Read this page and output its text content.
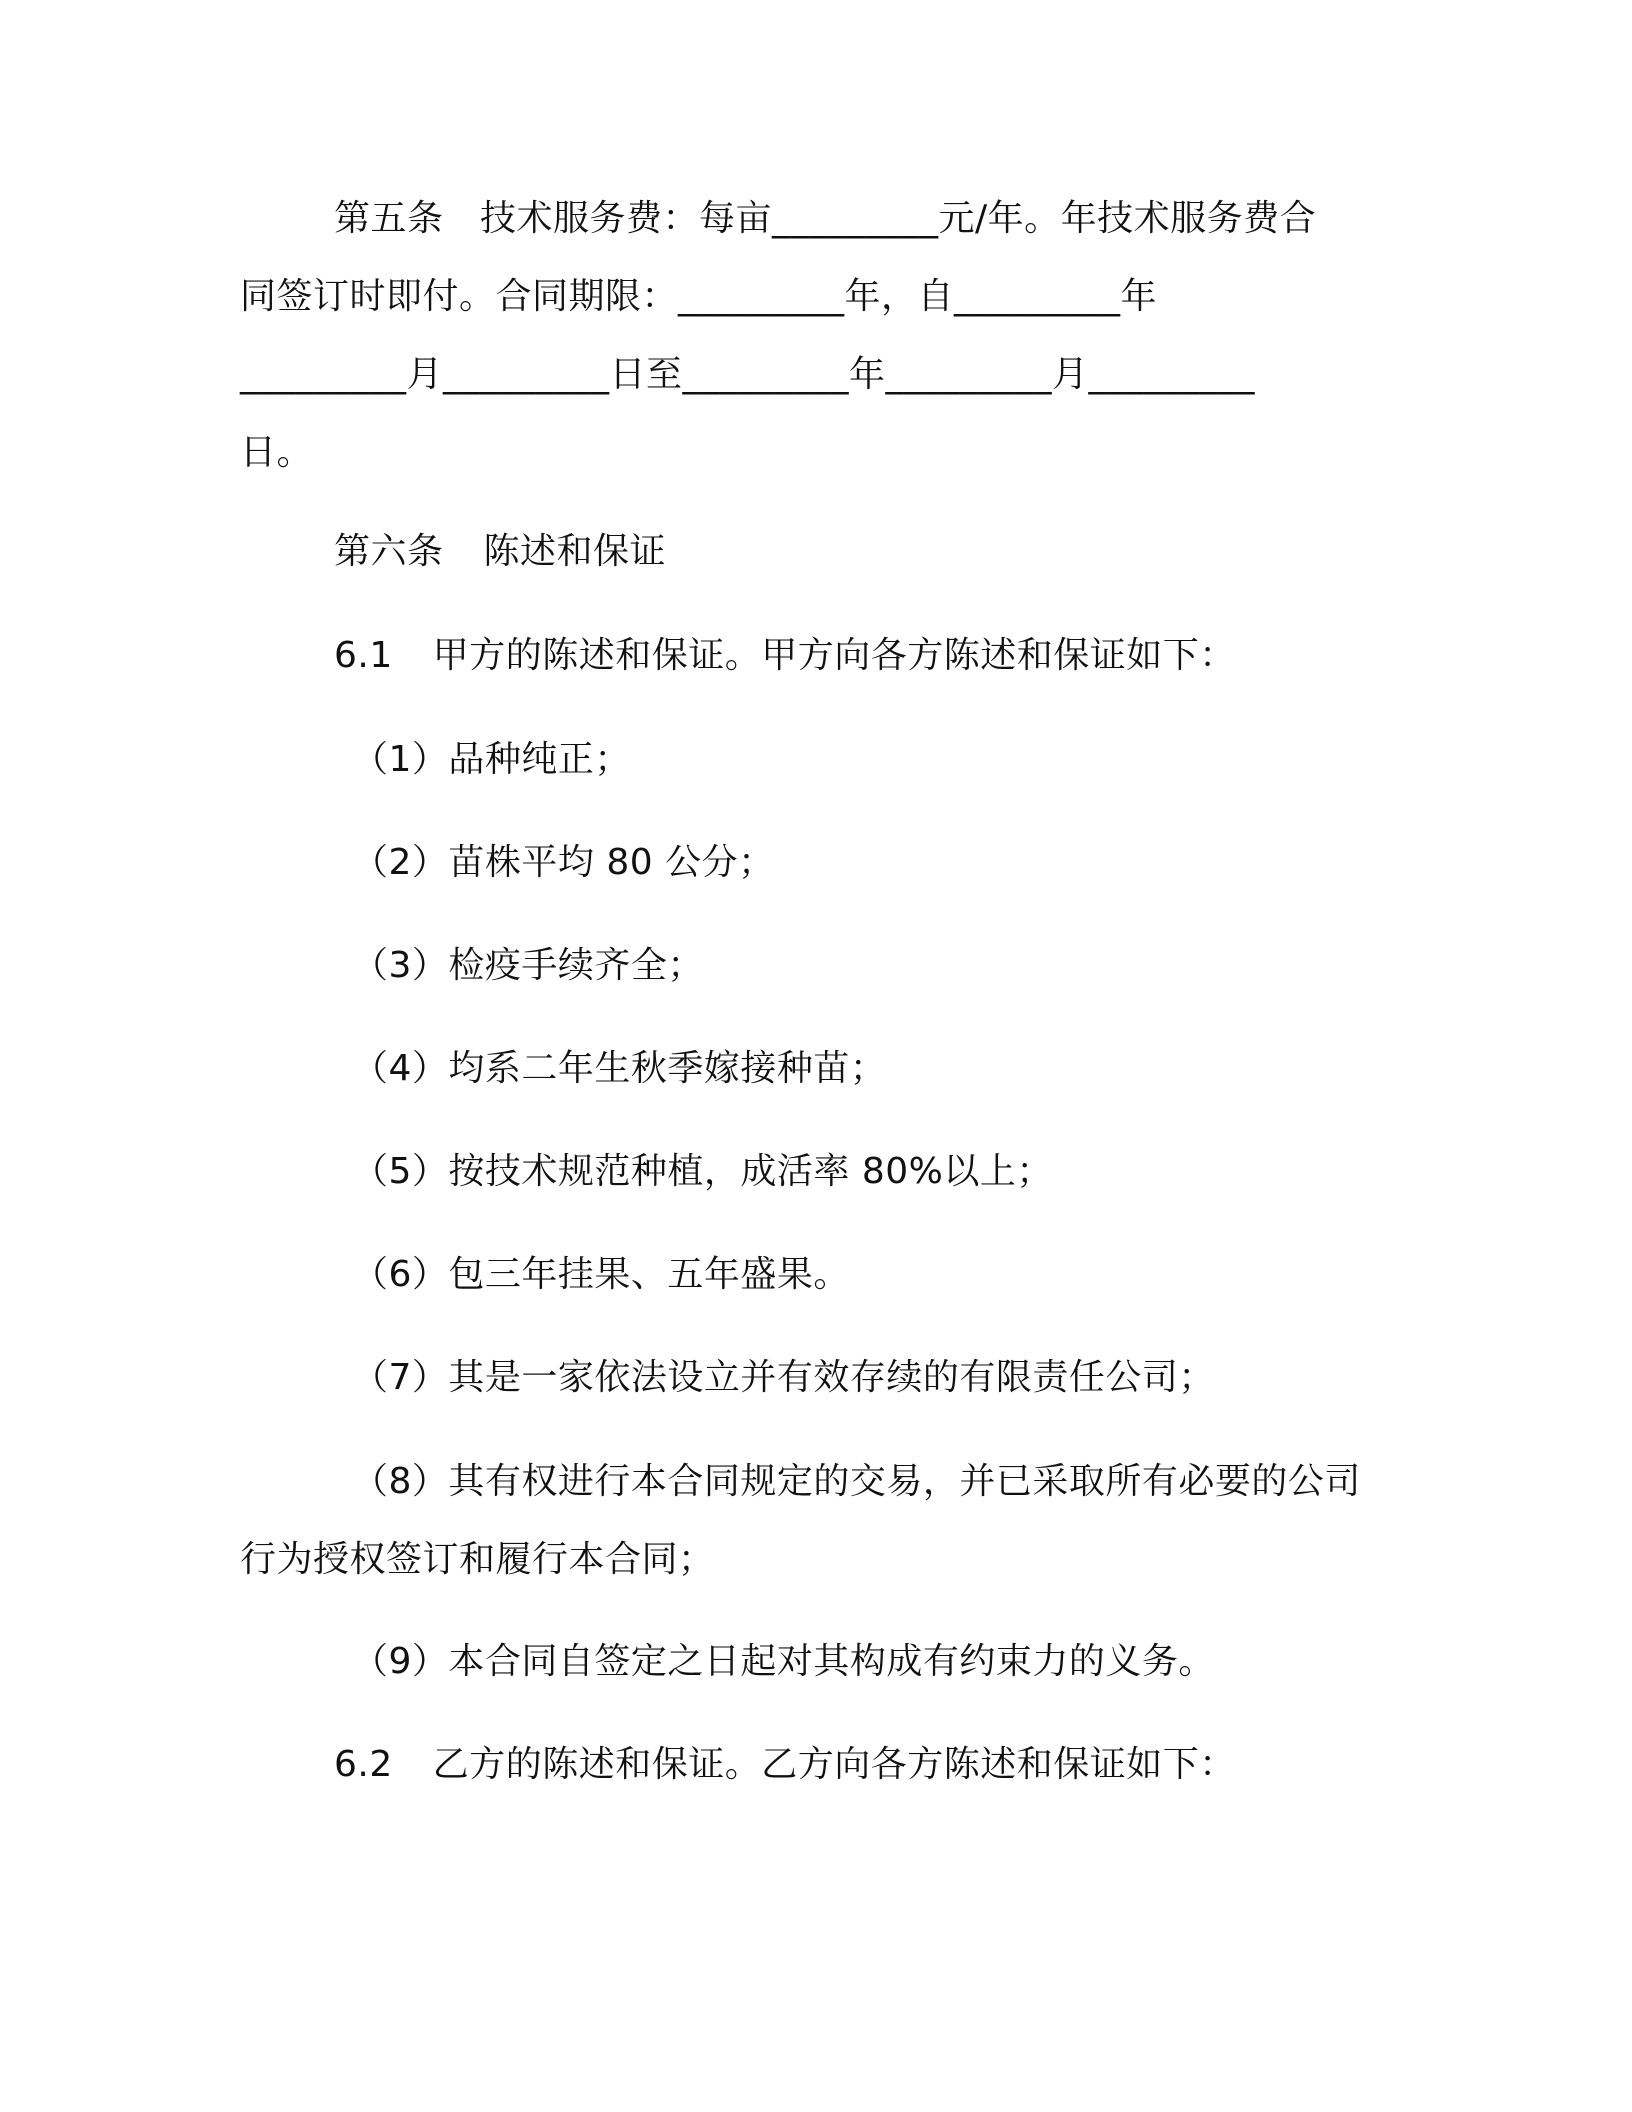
第五条　技术服务费：每亩_________元/年。年技术服务费合
同签订时即付。合同期限：_________年，自_________年
_________月_________日至_________年_________月_________
日。
第六条 陈述和保证
6.1 甲方的陈述和保证。甲方向各方陈述和保证如下：
（1）品种纯正；
（2）苗株平均 80 公分；
（3）检疫手续齐全；
（4）均系二年生秋季嫁接种苗；
（5）按技术规范种植，成活率 80%以上；
（6）包三年挂果、五年盛果。
（7）其是一家依法设立并有效存续的有限责任公司；
（8）其有权进行本合同规定的交易，并已采取所有必要的公司
行为授权签订和履行本合同；
（9）本合同自签定之日起对其构成有约束力的义务。
6.2 乙方的陈述和保证。乙方向各方陈述和保证如下：
